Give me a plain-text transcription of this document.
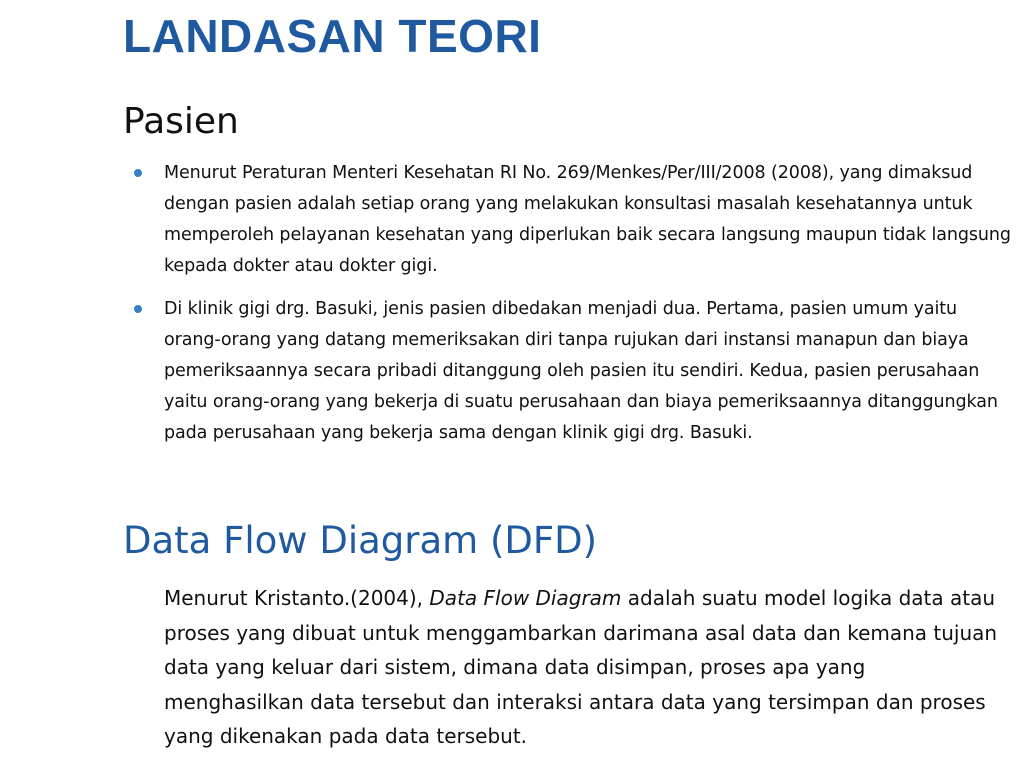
LANDASAN TEORI
Pasien
Menurut Peraturan Menteri Kesehatan RI No. 269/Menkes/Per/III/2008 (2008), yang dimaksud dengan pasien adalah setiap orang yang melakukan konsultasi masalah kesehatannya untuk memperoleh pelayanan kesehatan yang diperlukan baik secara langsung maupun tidak langsung kepada dokter atau dokter gigi.
Di klinik gigi drg. Basuki, jenis pasien dibedakan menjadi dua. Pertama, pasien umum yaitu orang-orang yang datang memeriksakan diri tanpa rujukan dari instansi manapun dan biaya pemeriksaannya secara pribadi ditanggung oleh pasien itu sendiri. Kedua, pasien perusahaan yaitu orang-orang yang bekerja di suatu perusahaan dan biaya pemeriksaannya ditanggungkan pada perusahaan yang bekerja sama dengan klinik gigi drg. Basuki.
Data Flow Diagram (DFD)

Menurut Kristanto.(2004), Data Flow Diagram adalah suatu model logika data atau proses yang dibuat untuk menggambarkan darimana asal data dan kemana tujuan data yang keluar dari sistem, dimana data disimpan, proses apa yang menghasilkan data tersebut dan interaksi antara data yang tersimpan dan proses yang dikenakan pada data tersebut.
